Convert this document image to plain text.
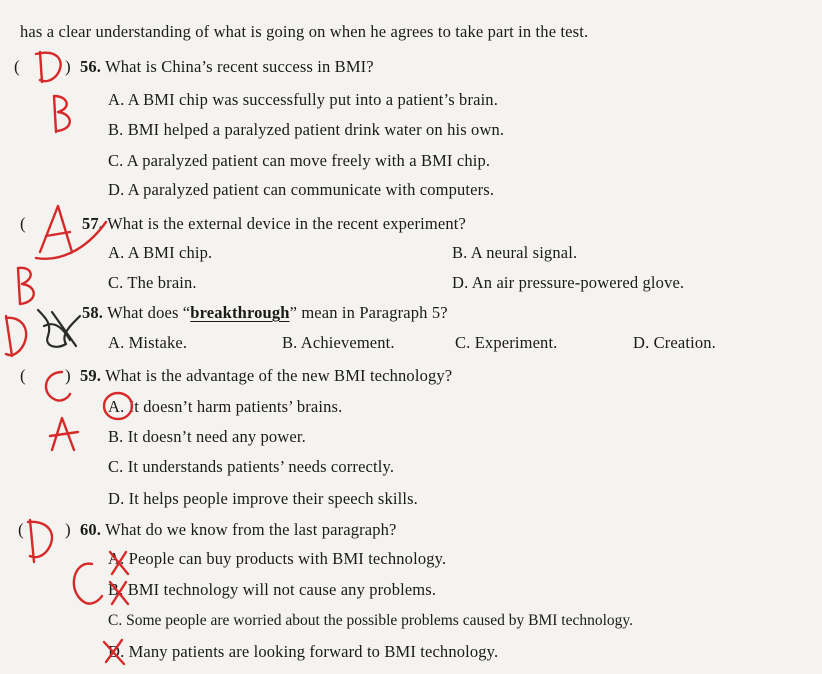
has a clear understanding of what is going on when he agrees to take part in the test.
(	) 56. What is China’s recent success in BMI?
A. A BMI chip was successfully put into a patient’s brain.
B. BMI helped a paralyzed patient drink water on his own.
C. A paralyzed patient can move freely with a BMI chip.
D. A paralyzed patient can communicate with computers.
(	57. What is the external device in the recent experiment?
A. A BMI chip.	B. A neural signal.
C. The brain.	D. An air pressure-powered glove.
58. What does “breakthrough” mean in Paragraph 5?
A. Mistake.	B. Achievement.	C. Experiment.	D. Creation.
( ) 59. What is the advantage of the new BMI technology?
A. It doesn’t harm patients’ brains.
B. It doesn’t need any power.
C. It understands patients’ needs correctly.
D. It helps people improve their speech skills.
( ) 60. What do we know from the last paragraph?
A. People can buy products with BMI technology.
B. BMI technology will not cause any problems.
C. Some people are worried about the possible problems caused by BMI technology.
D. Many patients are looking forward to BMI technology.
